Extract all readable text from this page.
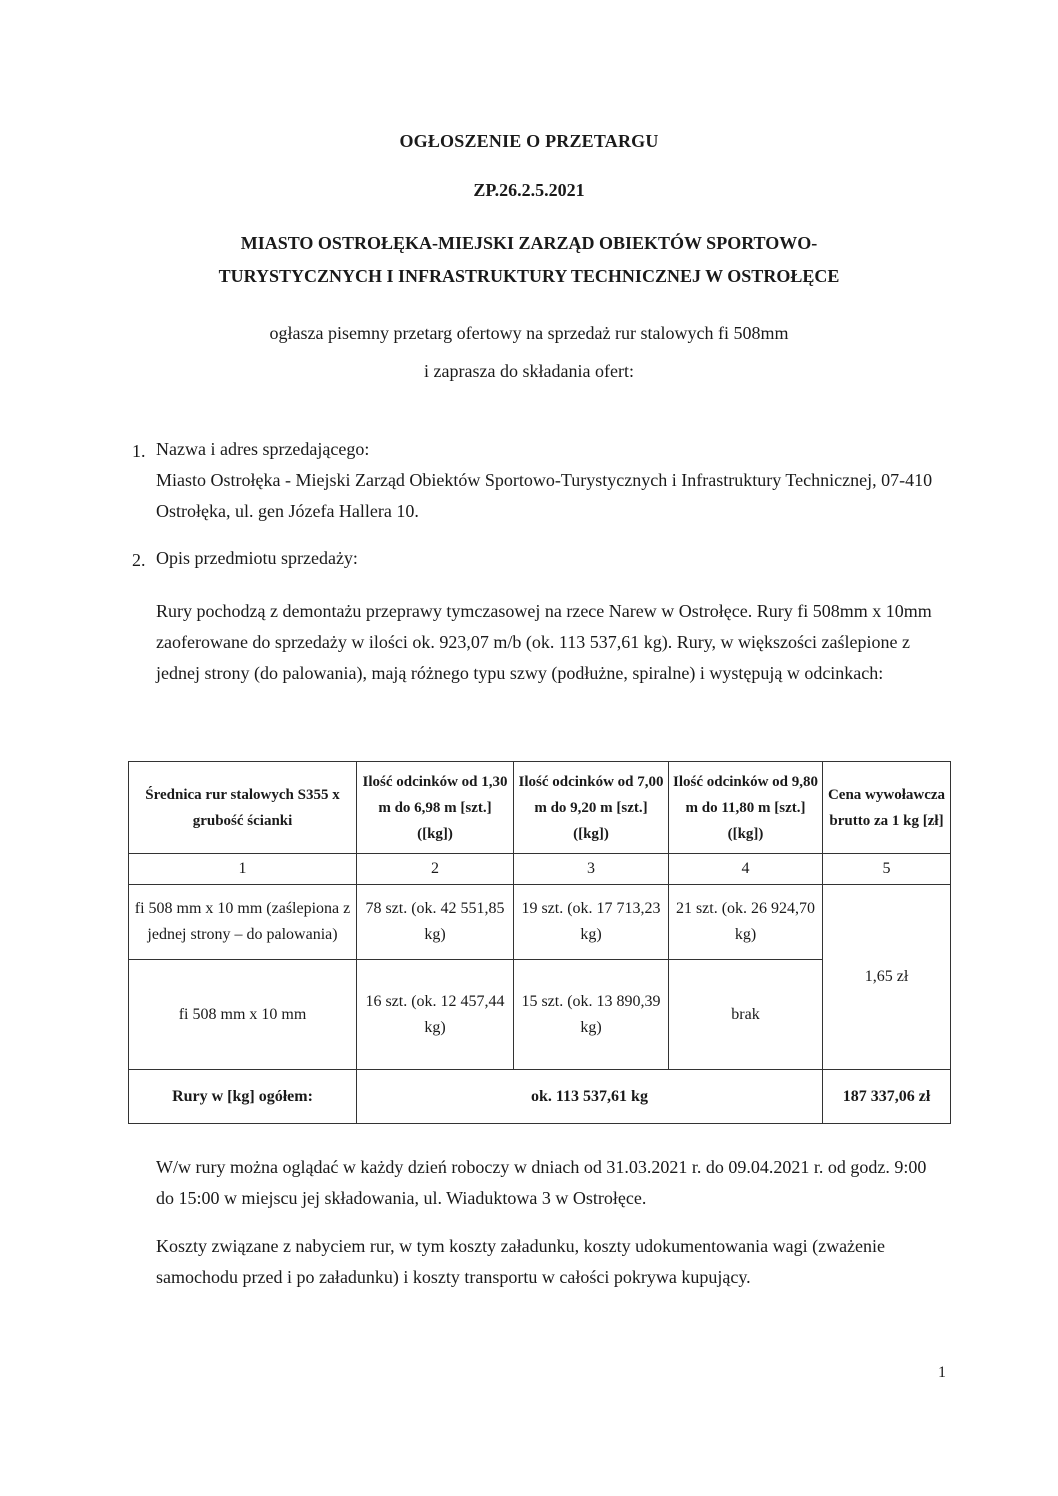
OGŁOSZENIE O PRZETARGU
ZP.26.2.5.2021
MIASTO OSTROŁĘKA-MIEJSKI ZARZĄD OBIEKTÓW SPORTOWO-
TURYSTYCZNYCH I INFRASTRUKTURY TECHNICZNEJ W OSTROŁĘCE
ogłasza pisemny przetarg ofertowy na sprzedaż rur stalowych fi 508mm
i zaprasza do składania ofert:
1. Nazwa i adres sprzedającego:
Miasto Ostrołęka - Miejski Zarząd Obiektów Sportowo-Turystycznych i Infrastruktury Technicznej, 07-410 Ostrołęka, ul. gen Józefa Hallera 10.
2. Opis przedmiotu sprzedaży:
Rury pochodzą z demontażu przeprawy tymczasowej na rzece Narew w Ostrołęce. Rury fi 508mm x 10mm zaoferowane do sprzedaży w ilości ok. 923,07 m/b (ok. 113 537,61 kg). Rury, w większości zaślepione z jednej strony (do palowania), mają różnego typu szwy (podłużne, spiralne) i występują w odcinkach:
Średnica rur stalowych S355 x grubość ścianki	Ilość odcinków od 1,30 m do 6,98 m [szt.] ([kg])	Ilość odcinków od 7,00 m do 9,20 m [szt.] ([kg])	Ilość odcinków od 9,80 m do 11,80 m [szt.] ([kg])	Cena wywoławcza brutto za 1 kg [zł]
1	2	3	4	5
fi 508 mm x 10 mm (zaślepiona z jednej strony – do palowania)	78 szt. (ok. 42 551,85 kg)	19 szt. (ok. 17 713,23 kg)	21 szt. (ok. 26 924,70 kg)	1,65 zł
fi 508 mm x 10 mm	16 szt. (ok. 12 457,44 kg)	15 szt. (ok. 13 890,39 kg)	brak	
Rury w [kg] ogółem:	ok. 113 537,61 kg			187 337,06 zł
W/w rury można oglądać w każdy dzień roboczy w dniach od 31.03.2021 r. do 09.04.2021 r. od godz. 9:00 do 15:00 w miejscu jej składowania, ul. Wiaduktowa 3 w Ostrołęce.
Koszty związane z nabyciem rur, w tym koszty załadunku, koszty udokumentowania wagi (zważenie samochodu przed i po załadunku) i koszty transportu w całości pokrywa kupujący.
1
